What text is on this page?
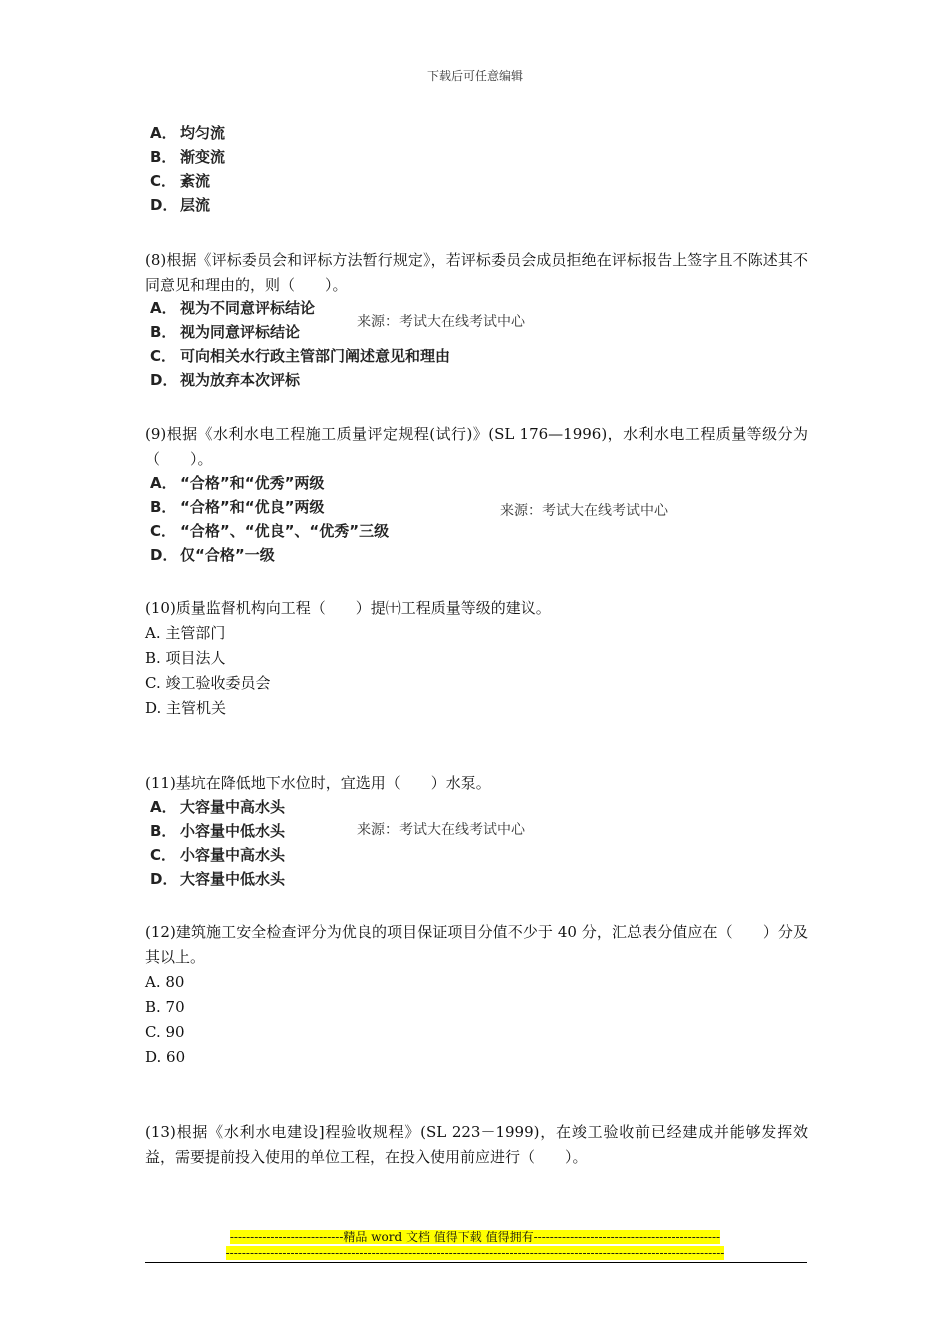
下载后可任意编辑
A． 均匀流
B． 渐变流
C． 紊流
D． 层流

(8)根据《评标委员会和评标方法暂行规定》，若评标委员会成员拒绝在评标报告上签字且不陈述其不同意见和理由的，则（　　）。

A． 视为不同意评标结论
B． 视为同意评标结论
C． 可向相关水行政主管部门阐述意见和理由
D． 视为放弃本次评标
来源：考试大在线考试中心

(9)根据《水利水电工程施工质量评定规程(试行)》(SL 176—1996)，水利水电工程质量等级分为（　　）。

A． “合格”和“优秀”两级
B． “合格”和“优良”两级
C． “合格”、“优良”、“优秀”三级
D． 仅“合格”一级
来源：考试大在线考试中心

(10)质量监督机构向工程（　　）提㈩工程质量等级的建议。

A. 主管部门

B. 项目法人

C. 竣工验收委员会

D. 主管机关

(11)基坑在降低地下水位时，宜选用（　　）水泵。

A． 大容量中高水头
B． 小容量中低水头
C． 小容量中高水头
D． 大容量中低水头
来源：考试大在线考试中心

(12)建筑施工安全检查评分为优良的项目保证项目分值不少于 40 分，汇总表分值应在（　　）分及其以上。

A. 80

B. 70

C. 90

D. 60

(13)根据《水利水电建设]程验收规程》(SL 223－1999)，在竣工验收前已经建成并能够发挥效益，需要提前投入使用的单位工程，在投入使用前应进行（　　）。

----------------------------精品 word 文档 值得下载 值得拥有----------------------------------------------
---------------------------------------------------------------------------------------------------------------------------
